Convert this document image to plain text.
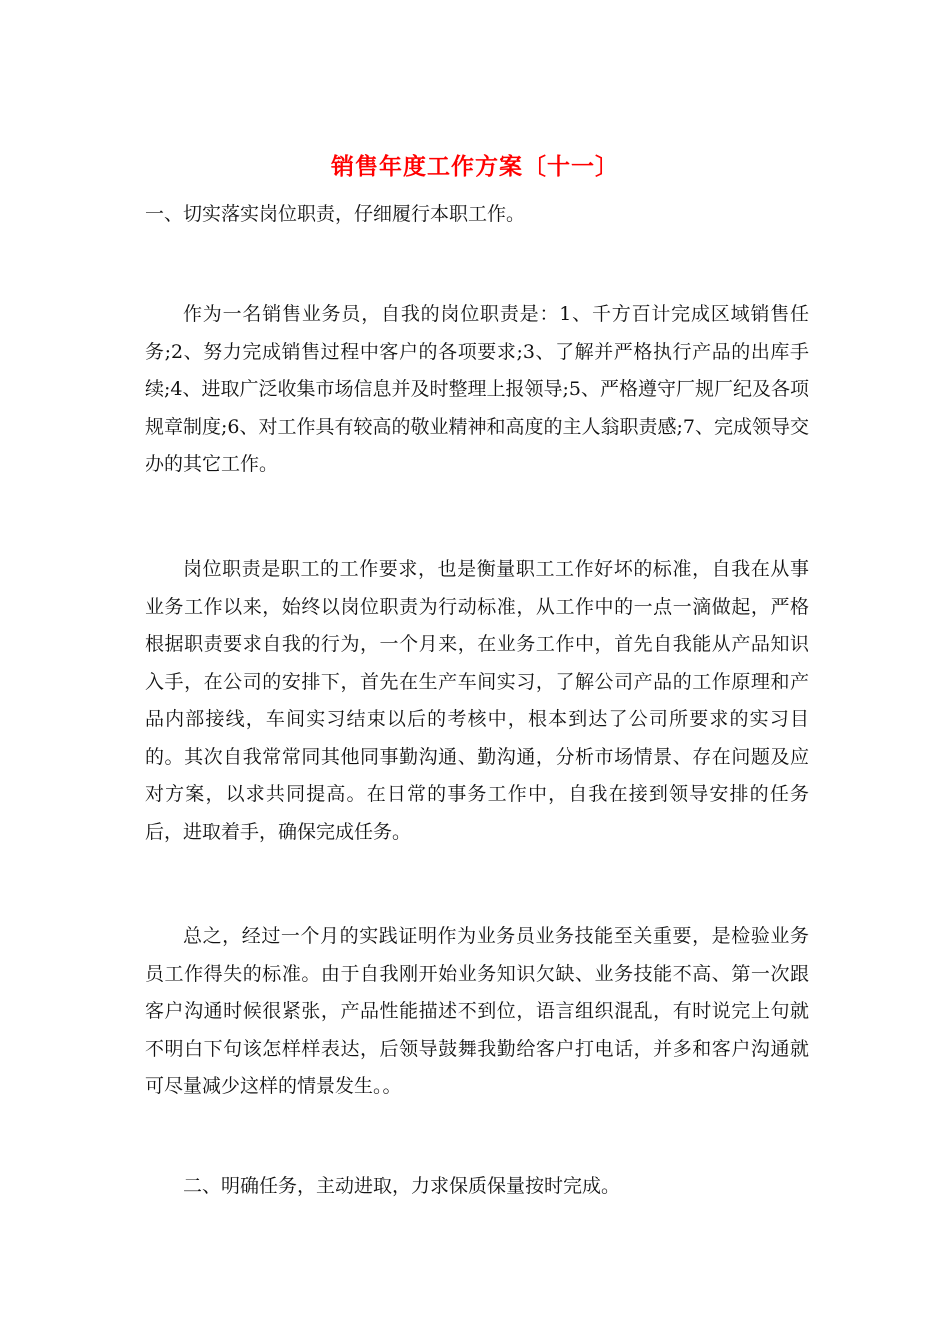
销售年度工作方案〔十一〕
一、切实落实岗位职责，仔细履行本职工作。

作为一名销售业务员，自我的岗位职责是：1、千方百计完成区域销售任务;2、努力完成销售过程中客户的各项要求;3、了解并严格执行产品的出库手续;4、进取广泛收集市场信息并及时整理上报领导;5、严格遵守厂规厂纪及各项规章制度;6、对工作具有较高的敬业精神和高度的主人翁职责感;7、完成领导交办的其它工作。

岗位职责是职工的工作要求，也是衡量职工工作好坏的标准，自我在从事业务工作以来，始终以岗位职责为行动标准，从工作中的一点一滴做起，严格根据职责要求自我的行为，一个月来，在业务工作中，首先自我能从产品知识入手，在公司的安排下，首先在生产车间实习，了解公司产品的工作原理和产品内部接线，车间实习结束以后的考核中，根本到达了公司所要求的实习目的。其次自我常常同其他同事勤沟通、勤沟通，分析市场情景、存在问题及应对方案，以求共同提高。在日常的事务工作中，自我在接到领导安排的任务后，进取着手，确保完成任务。

总之，经过一个月的实践证明作为业务员业务技能至关重要，是检验业务员工作得失的标准。由于自我刚开始业务知识欠缺、业务技能不高、第一次跟客户沟通时候很紧张，产品性能描述不到位，语言组织混乱，有时说完上句就不明白下句该怎样样表达，后领导鼓舞我勤给客户打电话，并多和客户沟通就可尽量减少这样的情景发生。。

二、明确任务，主动进取，力求保质保量按时完成。
